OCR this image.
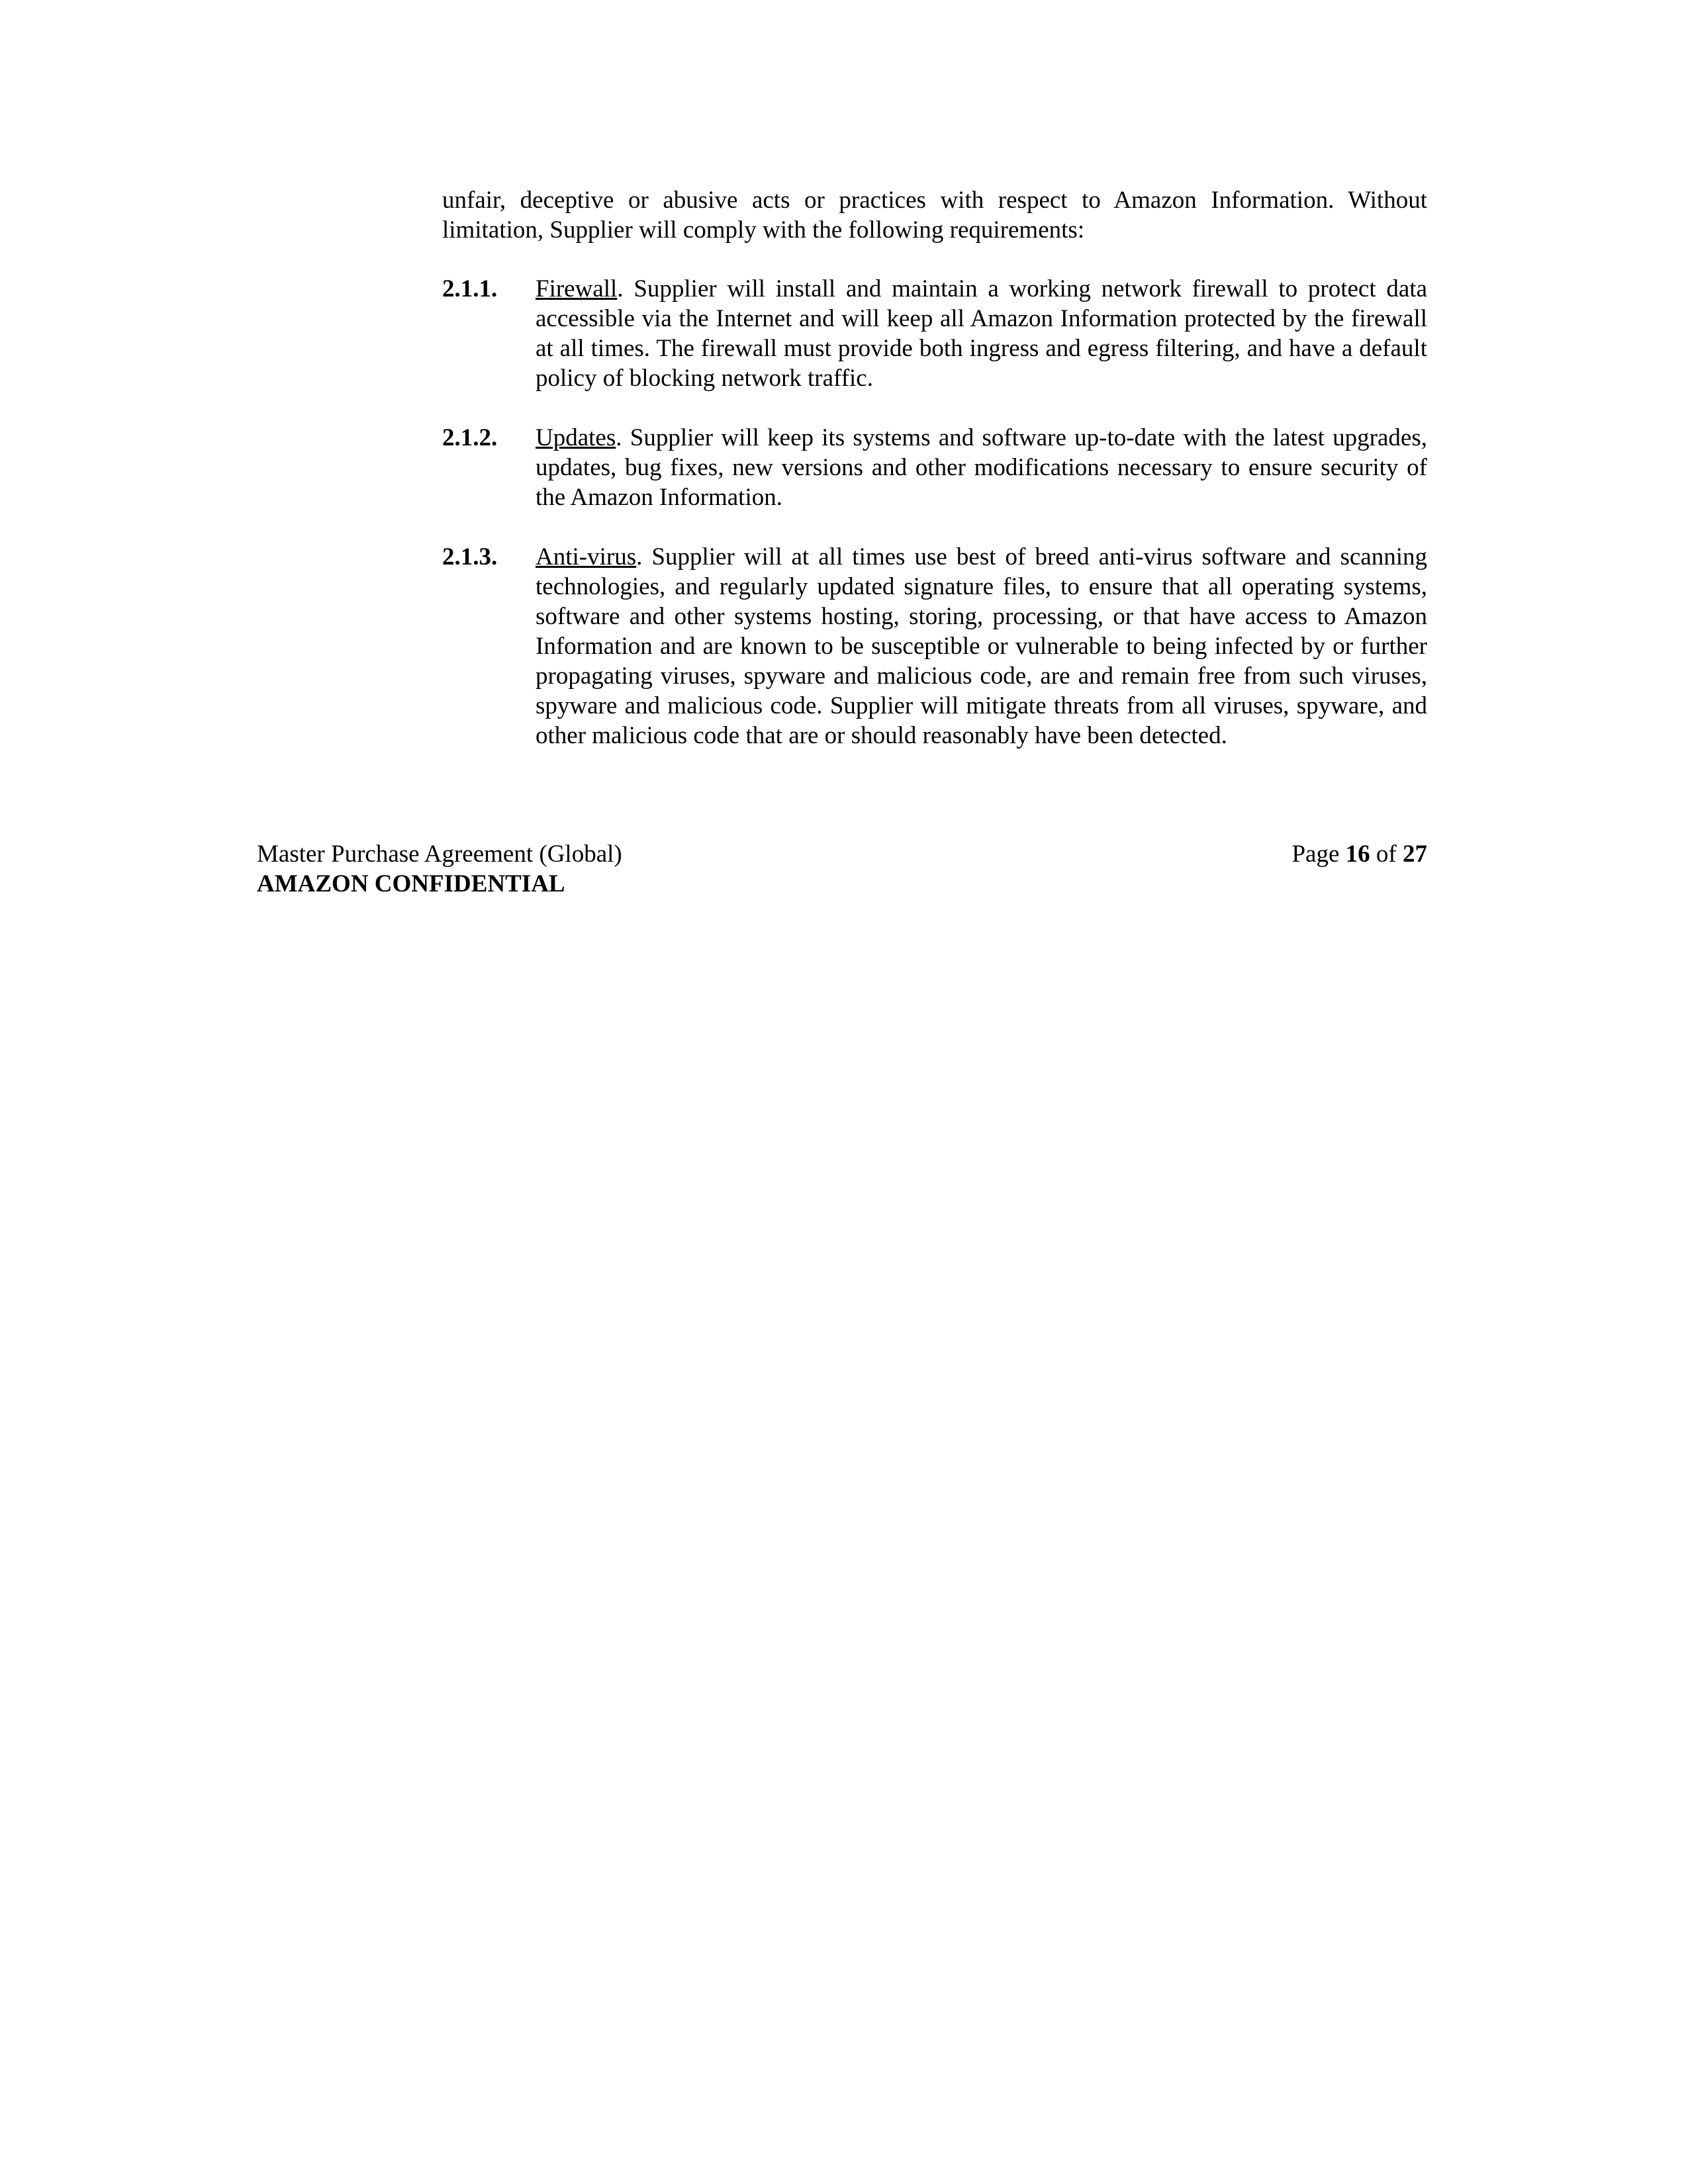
unfair, deceptive or abusive acts or practices with respect to Amazon Information. Without limitation, Supplier will comply with the following requirements:
2.1.1. Firewall. Supplier will install and maintain a working network firewall to protect data accessible via the Internet and will keep all Amazon Information protected by the firewall at all times. The firewall must provide both ingress and egress filtering, and have a default policy of blocking network traffic.
2.1.2. Updates. Supplier will keep its systems and software up-to-date with the latest upgrades, updates, bug fixes, new versions and other modifications necessary to ensure security of the Amazon Information.
2.1.3. Anti-virus. Supplier will at all times use best of breed anti-virus software and scanning technologies, and regularly updated signature files, to ensure that all operating systems, software and other systems hosting, storing, processing, or that have access to Amazon Information and are known to be susceptible or vulnerable to being infected by or further propagating viruses, spyware and malicious code, are and remain free from such viruses, spyware and malicious code. Supplier will mitigate threats from all viruses, spyware, and other malicious code that are or should reasonably have been detected.
Master Purchase Agreement (Global)
AMAZON CONFIDENTIAL
Page 16 of 27
